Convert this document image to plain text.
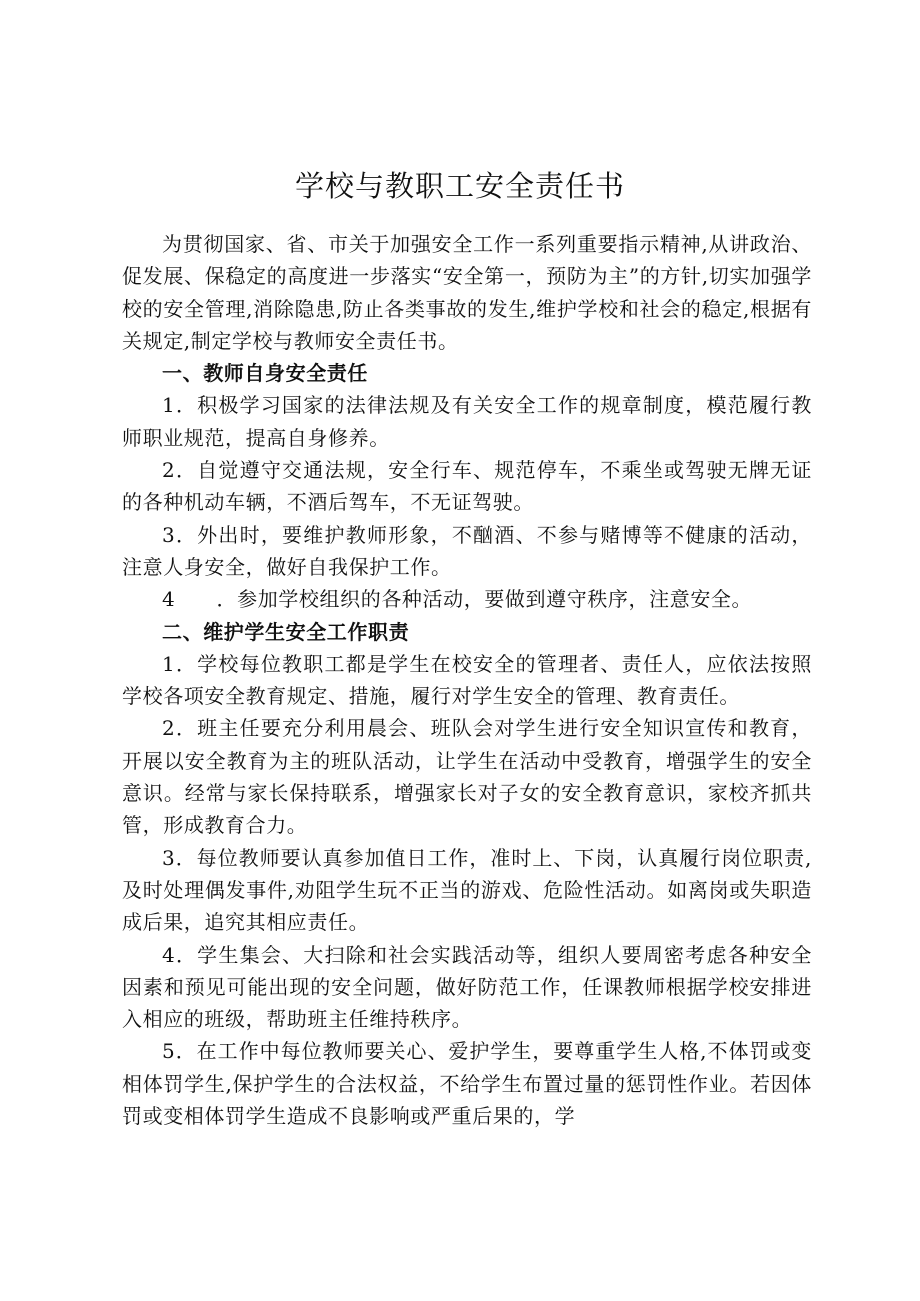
学校与教职工安全责任书

为贯彻国家、省、市关于加强安全工作一系列重要指示精神,从讲政治、促发展、保稳定的高度进一步落实“安全第一，预防为主”的方针,切实加强学校的安全管理,消除隐患,防止各类事故的发生,维护学校和社会的稳定,根据有关规定,制定学校与教师安全责任书。

一、教师自身安全责任

1．积极学习国家的法律法规及有关安全工作的规章制度，模范履行教师职业规范，提高自身修养。

2．自觉遵守交通法规，安全行车、规范停车，不乘坐或驾驶无牌无证的各种机动车辆，不酒后驾车，不无证驾驶。

3．外出时，要维护教师形象，不酗酒、不参与赌博等不健康的活动，注意人身安全，做好自我保护工作。

4　　．参加学校组织的各种活动，要做到遵守秩序，注意安全。

二、维护学生安全工作职责

1．学校每位教职工都是学生在校安全的管理者、责任人，应依法按照学校各项安全教育规定、措施，履行对学生安全的管理、教育责任。

2．班主任要充分利用晨会、班队会对学生进行安全知识宣传和教育，开展以安全教育为主的班队活动，让学生在活动中受教育，增强学生的安全意识。经常与家长保持联系，增强家长对子女的安全教育意识，家校齐抓共管，形成教育合力。

3．每位教师要认真参加值日工作，准时上、下岗，认真履行岗位职责,及时处理偶发事件,劝阻学生玩不正当的游戏、危险性活动。如离岗或失职造成后果，追究其相应责任。

4．学生集会、大扫除和社会实践活动等，组织人要周密考虑各种安全因素和预见可能出现的安全问题，做好防范工作，任课教师根据学校安排进入相应的班级，帮助班主任维持秩序。

5．在工作中每位教师要关心、爱护学生，要尊重学生人格,不体罚或变相体罚学生,保护学生的合法权益，不给学生布置过量的惩罚性作业。若因体罚或变相体罚学生造成不良影响或严重后果的，学
